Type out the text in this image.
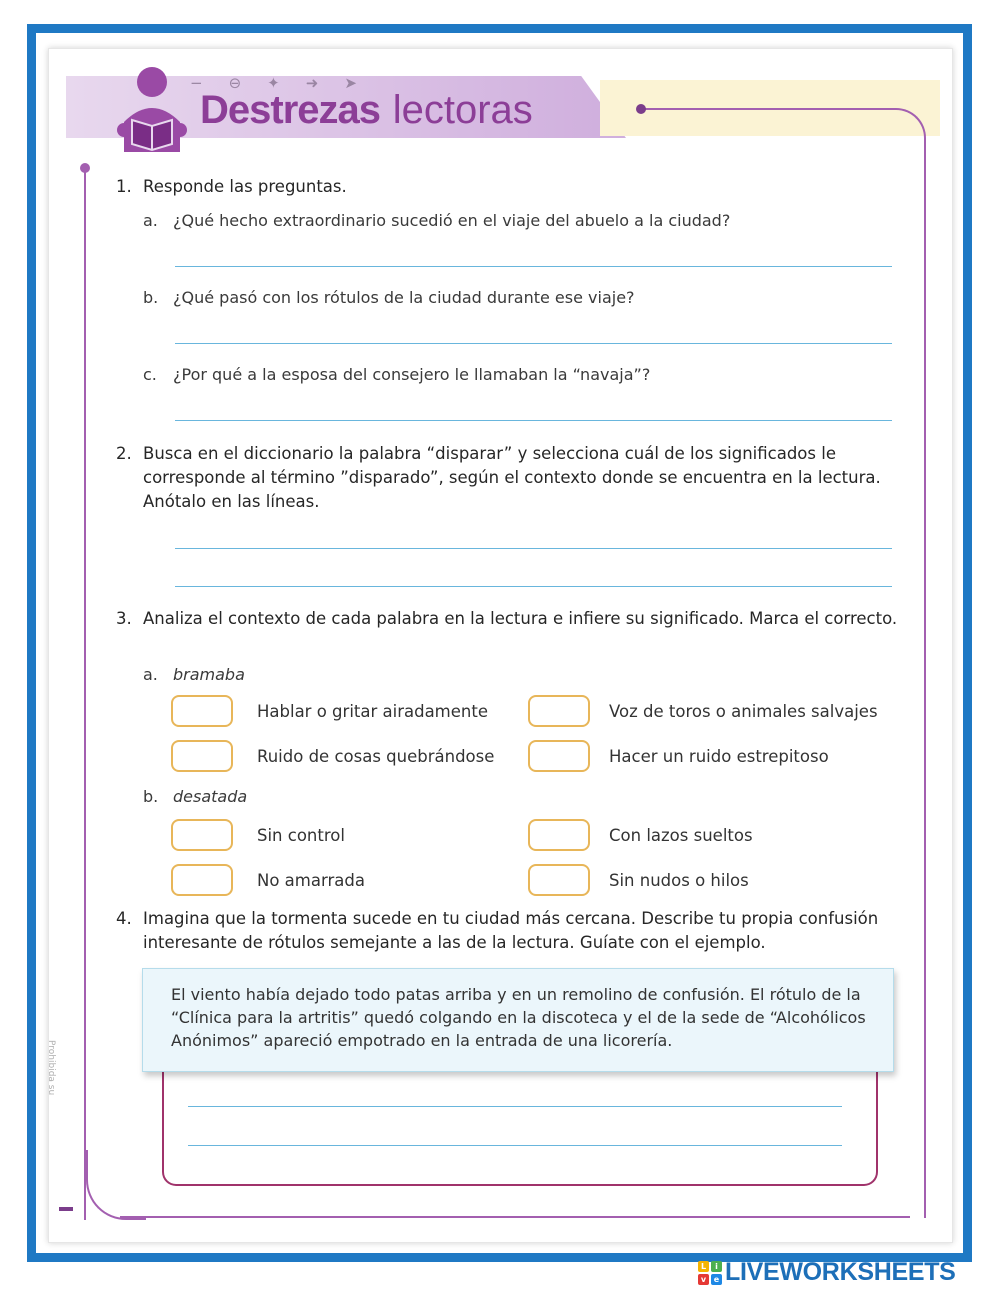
− ⊖ ✦ ➜ ➤
Destrezas lectoras
Prohibida su
1. Responde las preguntas.
a. ¿Qué hecho extraordinario sucedió en el viaje del abuelo a la ciudad?
b. ¿Qué pasó con los rótulos de la ciudad durante ese viaje?
c. ¿Por qué a la esposa del consejero le llamaban la “navaja”?
2. Busca en el diccionario la palabra “disparar” y selecciona cuál de los significados le corresponde al término ”disparado”, según el contexto donde se encuentra en la lectura. Anótalo en las líneas.
3. Analiza el contexto de cada palabra en la lectura e infiere su significado. Marca el correcto.
a. bramaba
Hablar o gritar airadamente	Voz de toros o animales salvajes
Ruido de cosas quebrándose	Hacer un ruido estrepitoso
b. desatada
Sin control	Con lazos sueltos
No amarrada	Sin nudos o hilos
4. Imagina que la tormenta sucede en tu ciudad más cercana. Describe tu propia confusión interesante de rótulos semejante a las de la lectura. Guíate con el ejemplo.
El viento había dejado todo patas arriba y en un remolino de confusión. El rótulo de la “Clínica para la artritis” quedó colgando en la discoteca y el de la sede de “Alcohólicos Anónimos” apareció empotrado en la entrada de una licorería.
L	i
v e LIVEWORKSHEETS
